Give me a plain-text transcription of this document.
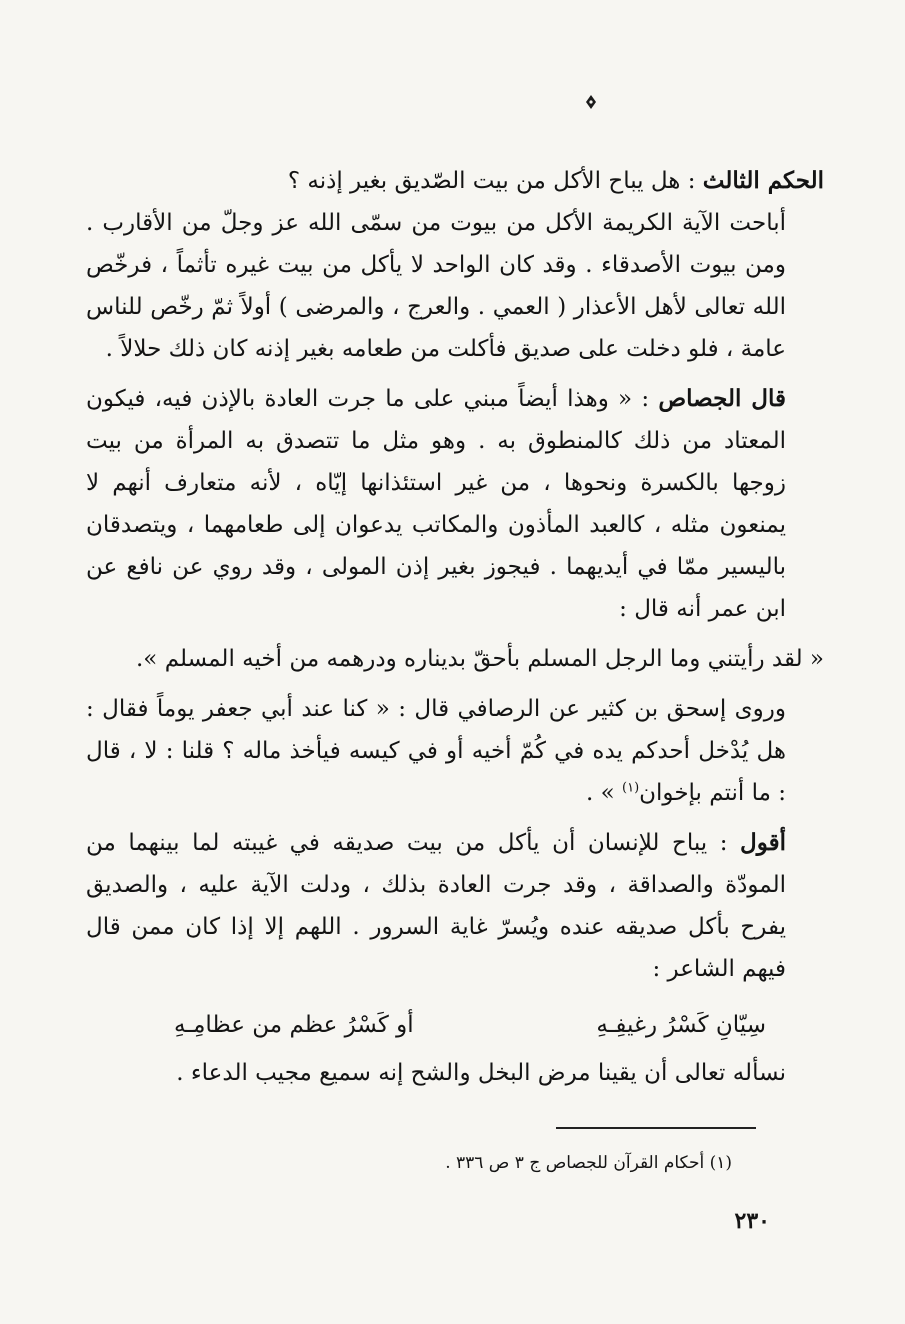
الحكم الثالث : هل يباح الأكل من بيت الصّديق بغير إذنه ؟

أباحت الآية الكريمة الأكل من بيوت من سمّى الله عز وجلّ من الأقارب . ومن بيوت الأصدقاء . وقد كان الواحد لا يأكل من بيت غيره تأثماً ، فرخّص الله تعالى لأهل الأعذار ( العمي . والعرج ، والمرضى ) أولاً ثمّ رخّص للناس عامة ، فلو دخلت على صديق فأكلت من طعامه بغير إذنه كان ذلك حلالاً .

قال الجصاص : « وهذا أيضاً مبني على ما جرت العادة بالإذن فيه، فيكون المعتاد من ذلك كالمنطوق به . وهو مثل ما تتصدق به المرأة من بيت زوجها بالكسرة ونحوها ، من غير استئذانها إيّاه ، لأنه متعارف أنهم لا يمنعون مثله ، كالعبد المأذون والمكاتب يدعوان إلى طعامهما ، ويتصدقان باليسير ممّا في أيديهما . فيجوز بغير إذن المولى ، وقد روي عن نافع عن ابن عمر أنه قال :

« لقد رأيتني وما الرجل المسلم بأحقّ بديناره ودرهمه من أخيه المسلم ».

وروى إسحق بن كثير عن الرصافي قال : « كنا عند أبي جعفر يوماً فقال : هل يُدْخل أحدكم يده في كُمّ أخيه أو في كيسه فيأخذ ماله ؟ قلنا : لا ، قال : ما أنتم بإخوان$^{(١)}$ » .

أقول : يباح للإنسان أن يأكل من بيت صديقه في غيبته لما بينهما من المودّة والصداقة ، وقد جرت العادة بذلك ، ودلت الآية عليه ، والصديق يفرح بأكل صديقه عنده ويُسرّ غاية السرور . اللهم إلا إذا كان ممن قال فيهم الشاعر :

سِيّانِ كَسْرُ رغيفِـهِ
أو كَسْرُ عظم من عظامِـهِ

نسأله تعالى أن يقينا مرض البخل والشح إنه سميع مجيب الدعاء .

(١) أحكام القرآن للجصاص ج ٣ ص ٣٣٦ .
٢٣٠
